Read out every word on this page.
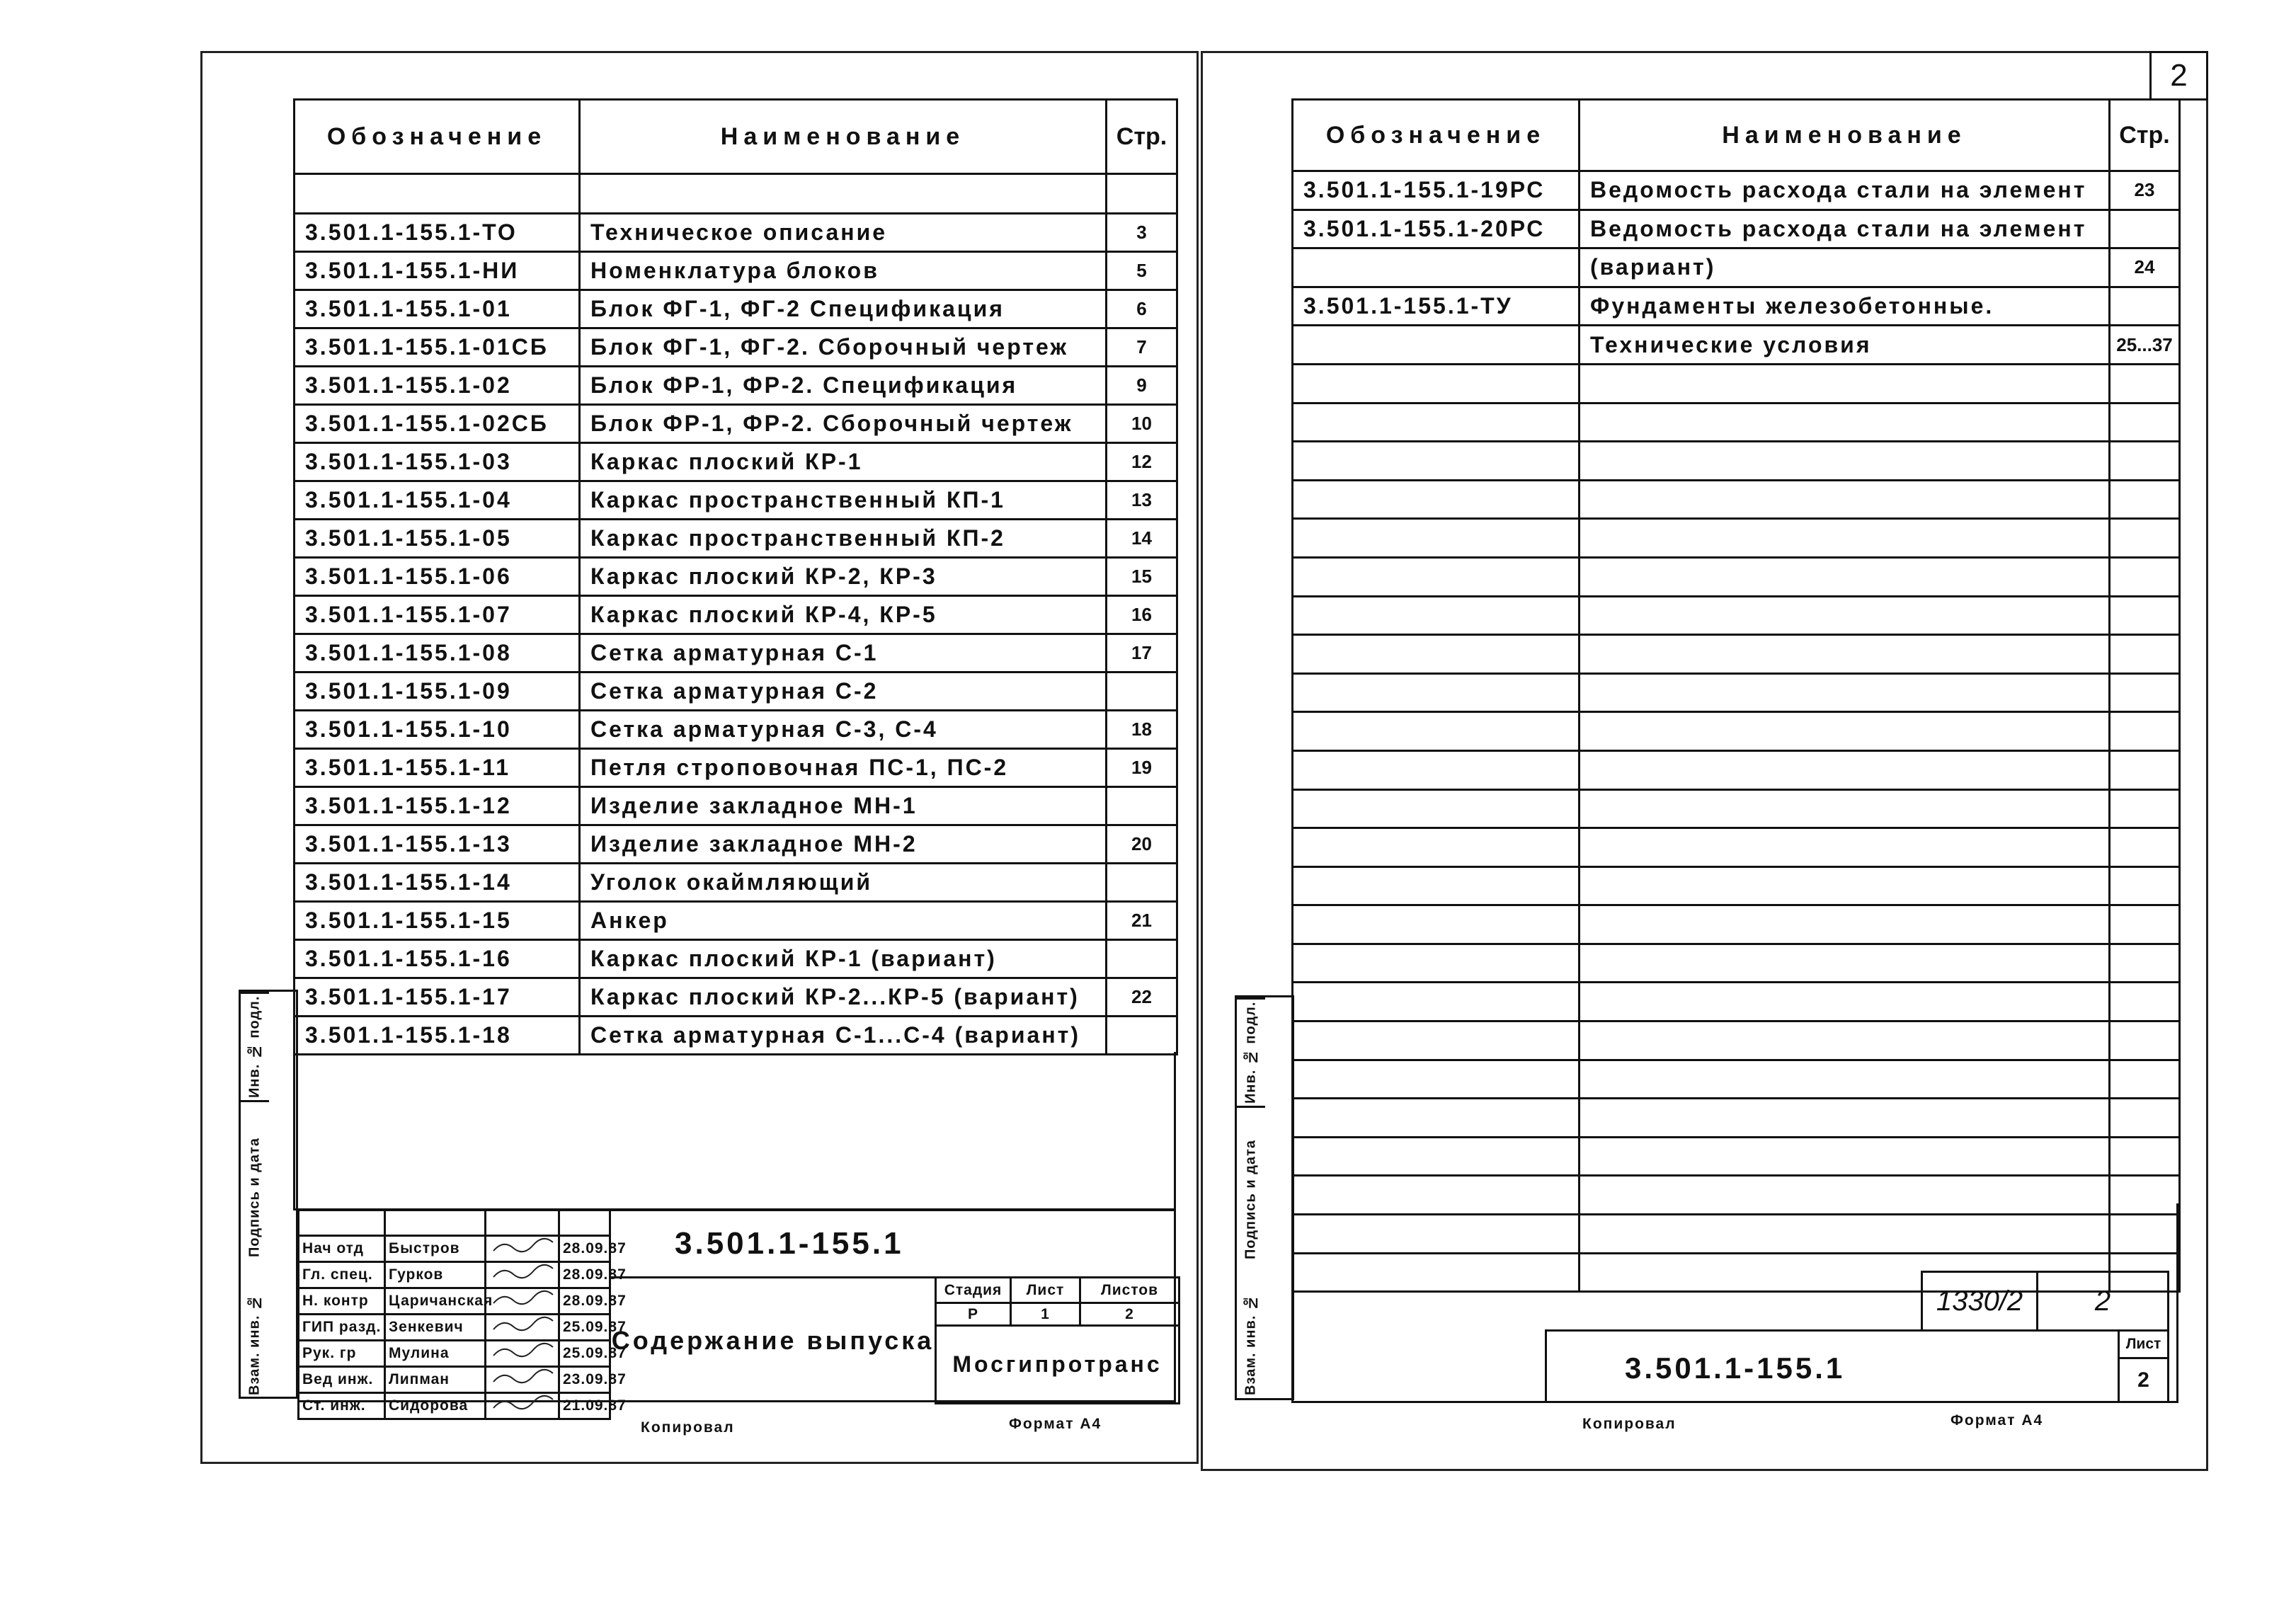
Обозначение	Наименование	Стр.

3.501.1-155.1-ТО	Техническое описание	3
3.501.1-155.1-НИ	Номенклатура блоков	5
3.501.1-155.1-01	Блок ФГ-1, ФГ-2 Спецификация	6
3.501.1-155.1-01СБ	Блок ФГ-1, ФГ-2. Сборочный чертеж	7
3.501.1-155.1-02	Блок ФР-1, ФР-2. Спецификация	9
3.501.1-155.1-02СБ	Блок ФР-1, ФР-2. Сборочный чертеж	10
3.501.1-155.1-03	Каркас плоский КР-1	12
3.501.1-155.1-04	Каркас пространственный КП-1	13
3.501.1-155.1-05	Каркас пространственный КП-2	14
3.501.1-155.1-06	Каркас плоский КР-2, КР-3	15
3.501.1-155.1-07	Каркас плоский КР-4, КР-5	16
3.501.1-155.1-08	Сетка арматурная С-1	17
3.501.1-155.1-09	Сетка арматурная С-2	
3.501.1-155.1-10	Сетка арматурная С-3, С-4	18
3.501.1-155.1-11	Петля строповочная ПС-1, ПС-2	19
3.501.1-155.1-12	Изделие закладное МН-1	
3.501.1-155.1-13	Изделие закладное МН-2	20
3.501.1-155.1-14	Уголок окаймляющий	
3.501.1-155.1-15	Анкер	21
3.501.1-155.1-16	Каркас плоский КР-1 (вариант)	
3.501.1-155.1-17	Каркас плоский КР-2...КР-5 (вариант)	22
3.501.1-155.1-18	Сетка арматурная С-1...С-4 (вариант)	
Инв. № подл.
Подпись и дата
Взам. инв. №

Нач отд	Быстров		28.09.87
Гл. спец.	Гурков		28.09.87
Н. контр	Царичанская		28.09.87
ГИП разд.	Зенкевич		25.09.87
Рук. гр	Мулина		25.09.87
Вед инж.	Липман		23.09.87
Ст. инж.	Сидорова		21.09.87
3.501.1-155.1
Содержание выпуска
Стадия	Лист	Листов
Р	1	2
Мосгипротранс		
Копировал	Формат А4
2
Обозначение	Наименование	Стр.
3.501.1-155.1-19РС	Ведомость расхода стали на элемент	23
3.501.1-155.1-20РС	Ведомость расхода стали на элемент	
	(вариант)	24
3.501.1-155.1-ТУ	Фундаменты железобетонные.	
	Технические условия	25...37

Инв. № подл.
Подпись и дата
Взам. инв. №	1330/2	2
3.501.1-155.1
Лист
2
Копировал	Формат А4
